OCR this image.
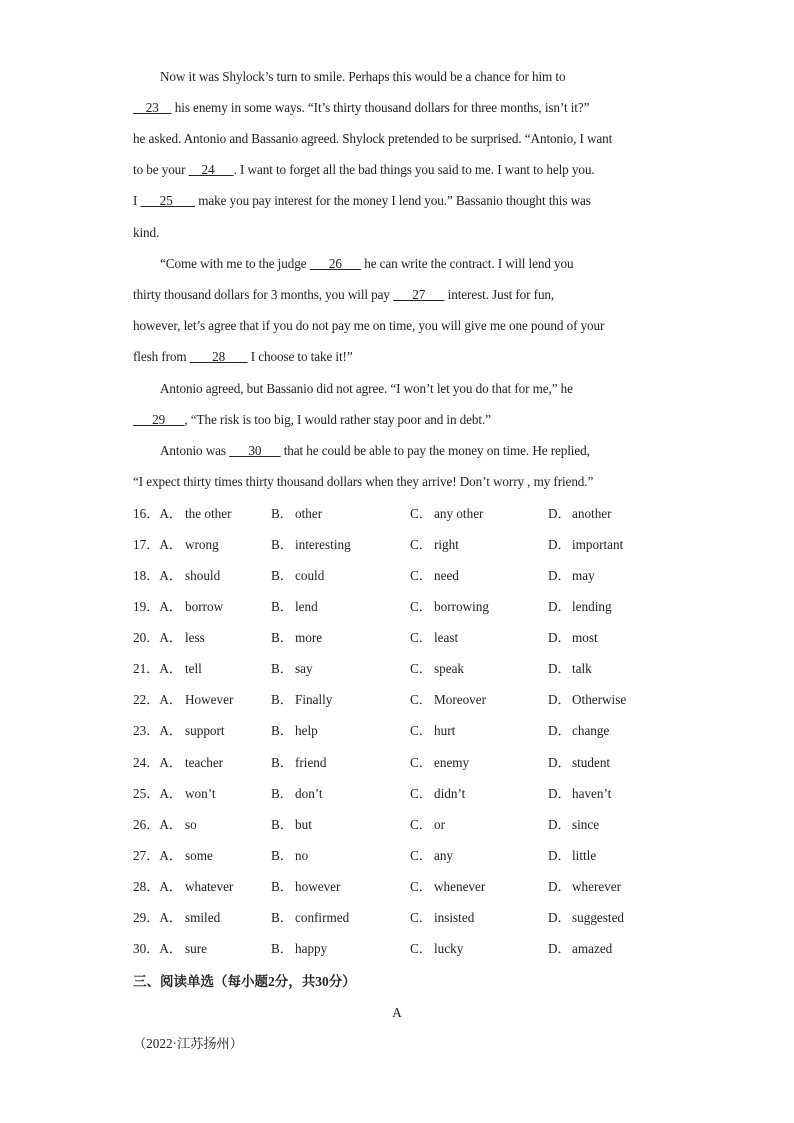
Now it was Shylock’s turn to smile. Perhaps this would be a chance for him to
23     his enemy in some ways. “It’s thirty thousand dollars for three months, isn’t it?”
he asked. Antonio and Bassanio agreed. Shylock pretended to be surprised. “Antonio, I want
to be your     24      . I want to forget all the bad things you said to me. I want to help you.
I       25        make you pay interest for the money I lend you.” Bassanio thought this was
kind.
“Come with me to the judge       26       he can write the contract. I will lend you
thirty thousand dollars for 3 months, you will pay       27       interest. Just for fun,
however, let’s agree that if you do not pay me on time, you will give me one pound of your
flesh from        28        I choose to take it!”
Antonio agreed, but Bassanio did not agree. “I won’t let you do that for me,” he
29      , “The risk is too big, I would rather stay poor and in debt.”
Antonio was       30       that he could be able to pay the money on time. He replied,
“I expect thirty times thirty thousand dollars when they arrive! Don’t worry , my friend.”
16．A． the other	B． other	C． any other	D． another
17．A． wrong	B． interesting	C． right	D． important
18．A． should	B． could	C． need	D． may
19．A． borrow	B． lend	C． borrowing	D． lending
20．A． less	B． more	C． least	D． most
21．A． tell	B． say	C． speak	D． talk
22．A． However	B． Finally	C． Moreover	D． Otherwise
23．A． support	B． help	C． hurt	D． change
24．A． teacher	B． friend	C． enemy	D． student
25．A． won’t	B． don’t	C． didn’t	D． haven’t
26．A． so	B． but	C． or	D． since
27．A． some	B． no	C． any	D． little
28．A． whatever	B． however	C． whenever	D． wherever
29．A． smiled	B． confirmed	C． insisted	D． suggested
30．A． sure	B． happy	C． lucky	D． amazed
三、阅读单选（每小题2分，共30分）
A
（2022·江苏扬州）
